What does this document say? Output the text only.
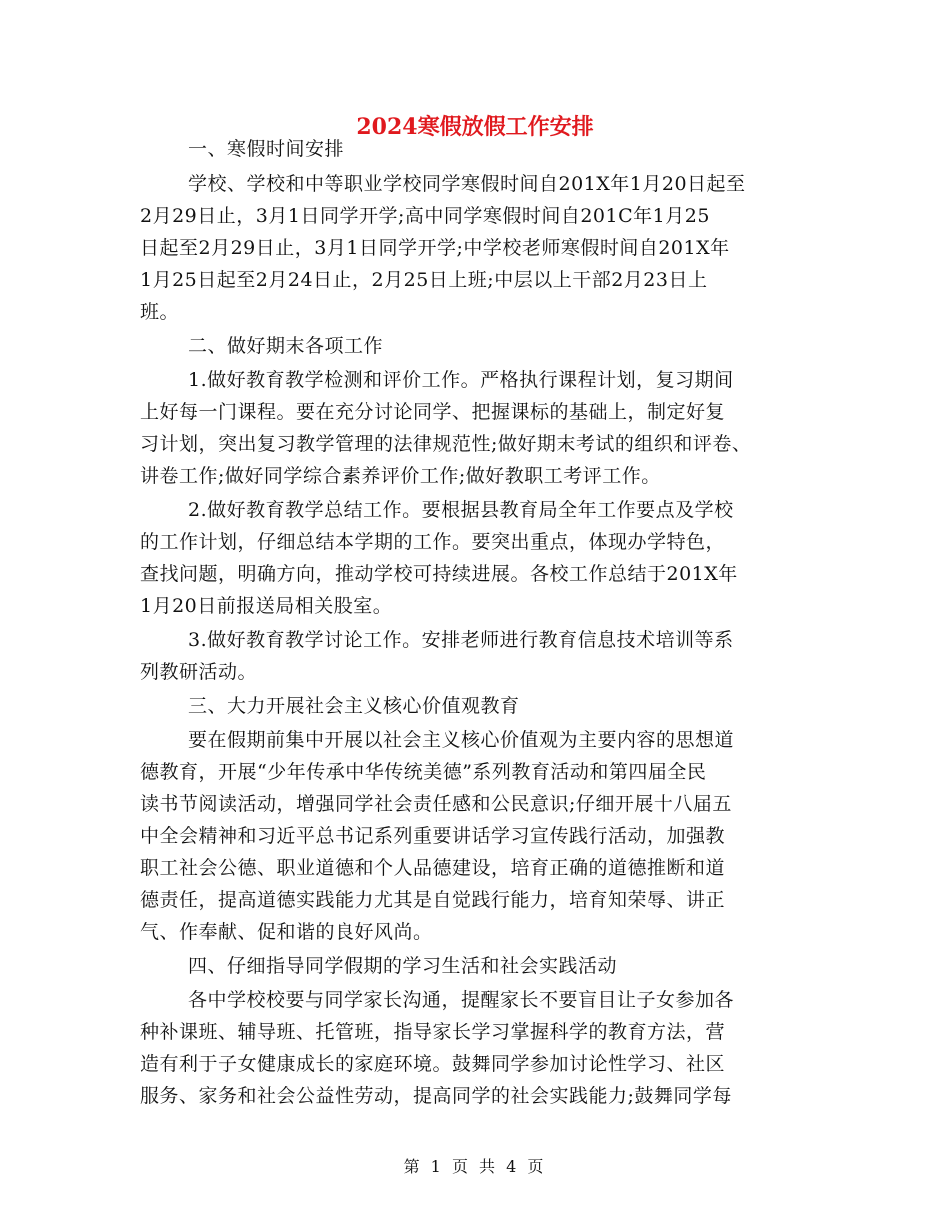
2024寒假放假工作安排
一、寒假时间安排
学校、学校和中等职业学校同学寒假时间自201X年1月20日起至
2月29日止，3月1日同学开学;高中同学寒假时间自201C年1月25
日起至2月29日止，3月1日同学开学;中学校老师寒假时间自201X年
1月25日起至2月24日止，2月25日上班;中层以上干部2月23日上
班。
二、做好期末各项工作
1.做好教育教学检测和评价工作。严格执行课程计划，复习期间
上好每一门课程。要在充分讨论同学、把握课标的基础上，制定好复
习计划，突出复习教学管理的法律规范性;做好期末考试的组织和评卷、
讲卷工作;做好同学综合素养评价工作;做好教职工考评工作。
2.做好教育教学总结工作。要根据县教育局全年工作要点及学校
的工作计划，仔细总结本学期的工作。要突出重点，体现办学特色，
查找问题，明确方向，推动学校可持续进展。各校工作总结于201X年
1月20日前报送局相关股室。
3.做好教育教学讨论工作。安排老师进行教育信息技术培训等系
列教研活动。
三、大力开展社会主义核心价值观教育
要在假期前集中开展以社会主义核心价值观为主要内容的思想道
德教育，开展“少年传承中华传统美德”系列教育活动和第四届全民
读书节阅读活动，增强同学社会责任感和公民意识;仔细开展十八届五
中全会精神和习近平总书记系列重要讲话学习宣传践行活动，加强教
职工社会公德、职业道德和个人品德建设，培育正确的道德推断和道
德责任，提高道德实践能力尤其是自觉践行能力，培育知荣辱、讲正
气、作奉献、促和谐的良好风尚。
四、仔细指导同学假期的学习生活和社会实践活动
各中学校校要与同学家长沟通，提醒家长不要盲目让子女参加各
种补课班、辅导班、托管班，指导家长学习掌握科学的教育方法，营
造有利于子女健康成长的家庭环境。鼓舞同学参加讨论性学习、社区
服务、家务和社会公益性劳动，提高同学的社会实践能力;鼓舞同学每
第 1 页 共 4 页
